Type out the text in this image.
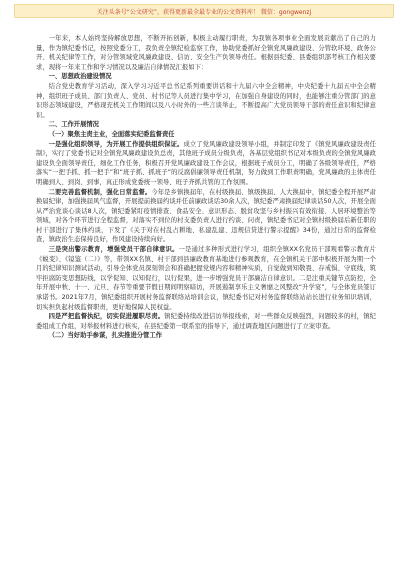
关注头条号“公文研究”，获得更新最全最专业的公文资料库！ 微信：gongwenzj

一年来，本人始终坚持解放思想，不断开拓创新，积极主动履行职责，为我镇各项事业全面发展贡献出了自己的力量，作为镇纪委书记，按照党委分工，我负责全镇纪检监察工作，协助党委抓好全镇党风廉政建设、分管软环境、政务公开、机关纪律等工作，对分管领域党风廉政建设、信访、安全生产负领导责任。根据县纪委、县委组织部考核工作相关要求，现将一年来工作和学习情况以及廉洁自律情况汇报如下：

一、思想政治建设情况

结合党史教育学习活动，深入学习习近平总书记系列重要讲话和十九届六中全会精神，中央纪委十九届五中全会精神，组织班子成员、部门负责人、党员、村书记等人员进行集中学习，在加强自身建设的同时，也能够注重分管部门的意识形态领域建设，严格现充机关工作期间以及八小时外的一些言谈举止，不断提高广大党员领导干部的责任意识和纪律意识。

二、工作开展情况

（一）聚焦主责主业，全面落实纪委监督责任

一是强化组织领导，为开展工作提供组织保证。成立了党风廉政建设领导小组，并制定印发了《镇党风廉政建设责任制》，实行了党委书记对全镇党风廉政建设负总责，其他班子成员分级负责，各基层党组织书记对本级负责的全镇党风廉政建设负全面领导责任，细化工作任务，积极召开党风廉政建设工作会议，根据班子成员分工，明确了各级领导责任，严格落实“一把手抓、抓一把手”和“班子抓、抓班子”的反腐倡廉领导责任机制，努力做到工作职责明确，党风廉政的主体责任明确到人、到岗、到事，真正形成党委统一领导、班子齐抓共管的工作氛围。

二要完善监督机制，强化日常监督。今年是乡镇换届年，在村级换届、镇级换届、人大换届中，镇纪委全程开展严肃换届纪律，加强换届风气监督，开展提前换届约谈并任前廉政谈话30余人次，镇纪委严肃换届纪律谈话50人次，开展全面从严治党谈心谈话8人次，镇纪委紧盯疫情排查、食品安全、意识形态、脱贫攻坚与乡村振兴有效衔接、人居环境整治等领域，对各个环节进行全程监督，对落实不到位的村支委负责人进行约谈、问责，镇纪委书记对全镇村级换届后新任职的村干部进行了集体约谈，下发了《关于对在村乱占耕地、私建乱建、违规信贷进行警示提醒》34份，通过日常的监督检查，镇政治生态保持良好，作风建设持续向好。

三是突出警示教育，增强党员干部自律意识。一是通过多种形式进行学习，组织全镇XX名党员干部观看警示教育片《蜕变》、《镜鉴（二）》等，带领XX名镇、村干部到县廉政教育基地进行参观教育，在全镇机关干部中积极开展为期一个月的纪律知识测试活动，引导全体党员深刻领会和准确把握党规内容和精神实质，自觉做到知敬畏、存戒惧、守底线，筑牢拒腐防变思想防线，以学促知、以知促行，以行促果，进一步增强党员干部廉洁自律意识。二是注重关键节点防控，全年开展中秋、十一、元旦、春节等重要节假日期间明察暗访，开展遏制享乐主义奢靡之风整改“升学宴”，与全体党员签订承诺书。2021年7月，镇纪委组织开展村务监督联络站培训会议，镇纪委书记对村务监督联络站站长进行业务知识培训，切实担负起村级监督职责，更好地保障人民权益。

四是严把监督执纪，切实促进履职尽责。镇纪委持续改进信访举报线索，对一些群众反映强烈，问题较多的村，镇纪委组成工作组，对举报材料进行核实，在县纪委第一联系室的指导下，通过调查地区问题进行了立案审查。

（二）当好助手参谋，扎实推进分管工作
